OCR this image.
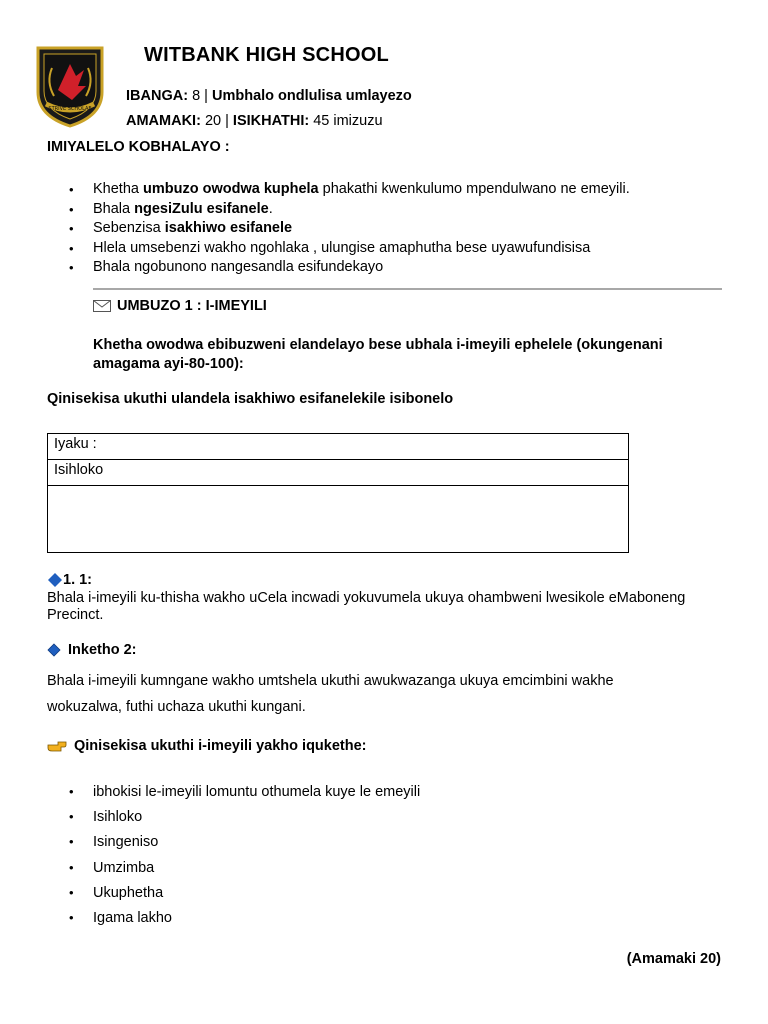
STRIVE SCHOLAE
WITBANK HIGH SCHOOL
IBANGA: 8 | Umbhalo ondlulisa umlayezo
AMAMAKI: 20 | ISIKHATHI: 45 imizuzu
IMIYALELO KOBHALAYO :
• Khetha umbuzo owodwa kuphela phakathi kwenkulumo mpendulwano ne emeyili.
• Bhala ngesiZulu esifanele.
• Sebenzisa isakhiwo esifanele
• Hlela umsebenzi wakho ngohlaka , ulungise amaphutha bese uyawufundisisa
• Bhala ngobunono nangesandla esifundekayo
UMBUZO 1 : I-IMEYILI
Khetha owodwa ebibuzweni elandelayo bese ubhala i-imeyili ephelele (okungenani amagama ayi-80-100):
Qinisekisa ukuthi ulandela isakhiwo esifanelekile isibonelo
Iyaku :
Isihloko
1. 1:
Bhala i-imeyili ku-thisha wakho uCela incwadi yokuvumela ukuya ohambweni lwesikole eMaboneng Precinct.
Inketho 2:
Bhala i-imeyili kumngane wakho umtshela ukuthi awukwazanga ukuya emcimbini wakhe wokuzalwa, futhi uchaza ukuthi kungani.
Qinisekisa ukuthi i-imeyili yakho iqukethe:
• ibhokisi le-imeyili lomuntu othumela kuye le emeyili
• Isihloko
• Isingeniso
• Umzimba
• Ukuphetha
• Igama lakho
(Amamaki 20)
